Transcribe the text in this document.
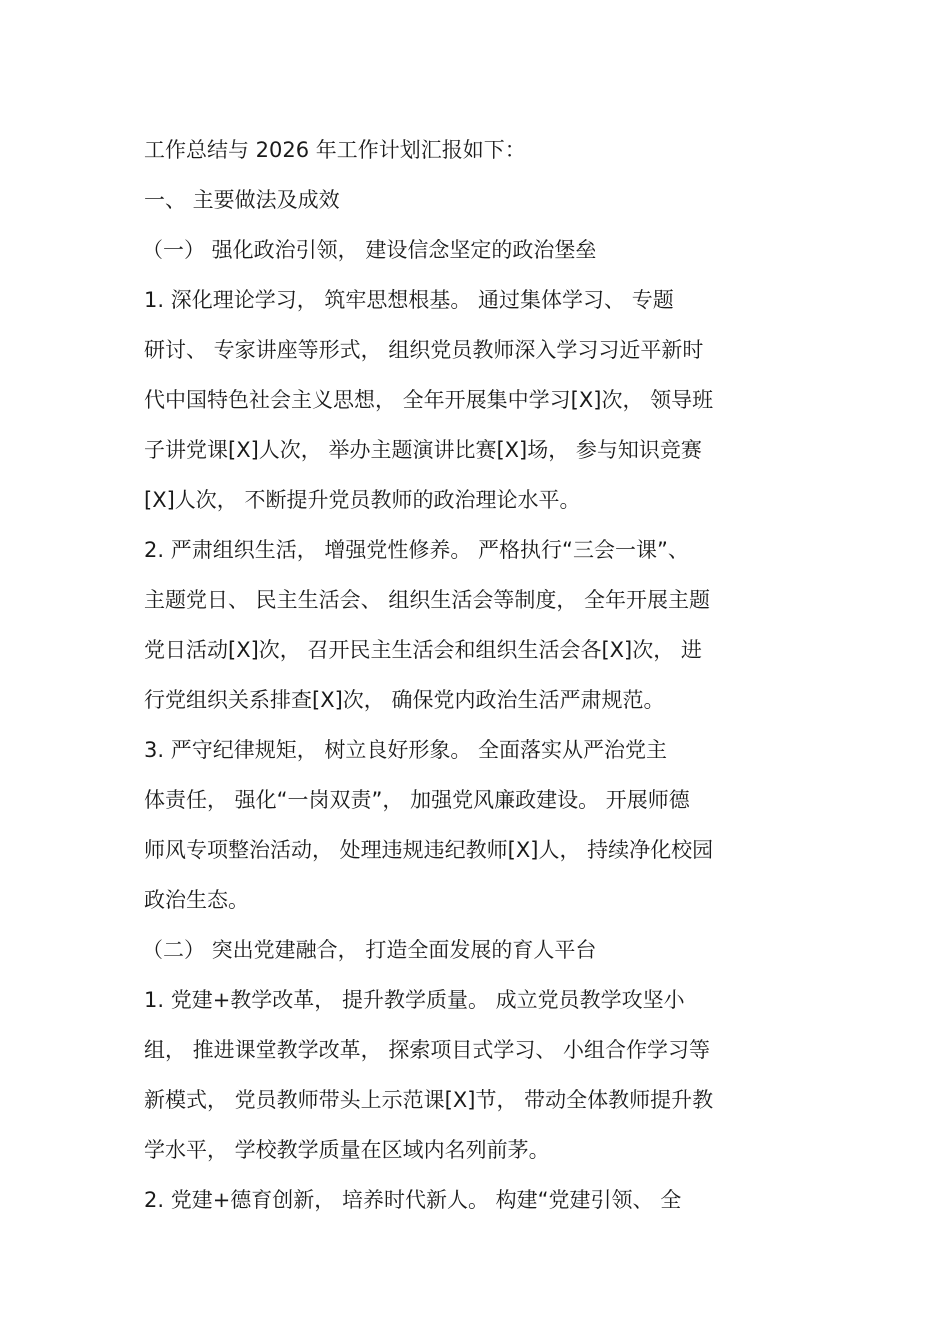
工作总结与 2026 年工作计划汇报如下：
一、 主要做法及成效
（一） 强化政治引领， 建设信念坚定的政治堡垒
1. 深化理论学习， 筑牢思想根基。 通过集体学习、 专题
研讨、 专家讲座等形式， 组织党员教师深入学习习近平新时
代中国特色社会主义思想， 全年开展集中学习[X]次， 领导班
子讲党课[X]人次， 举办主题演讲比赛[X]场， 参与知识竞赛
[X]人次， 不断提升党员教师的政治理论水平。
2. 严肃组织生活， 增强党性修养。 严格执行“三会一课”、
主题党日、 民主生活会、 组织生活会等制度， 全年开展主题
党日活动[X]次， 召开民主生活会和组织生活会各[X]次， 进
行党组织关系排查[X]次， 确保党内政治生活严肃规范。
3. 严守纪律规矩， 树立良好形象。 全面落实从严治党主
体责任， 强化“一岗双责”， 加强党风廉政建设。 开展师德
师风专项整治活动， 处理违规违纪教师[X]人， 持续净化校园
政治生态。
（二） 突出党建融合， 打造全面发展的育人平台
1. 党建+教学改革， 提升教学质量。 成立党员教学攻坚小
组， 推进课堂教学改革， 探索项目式学习、 小组合作学习等
新模式， 党员教师带头上示范课[X]节， 带动全体教师提升教
学水平， 学校教学质量在区域内名列前茅。
2. 党建+德育创新， 培养时代新人。 构建“党建引领、 全
